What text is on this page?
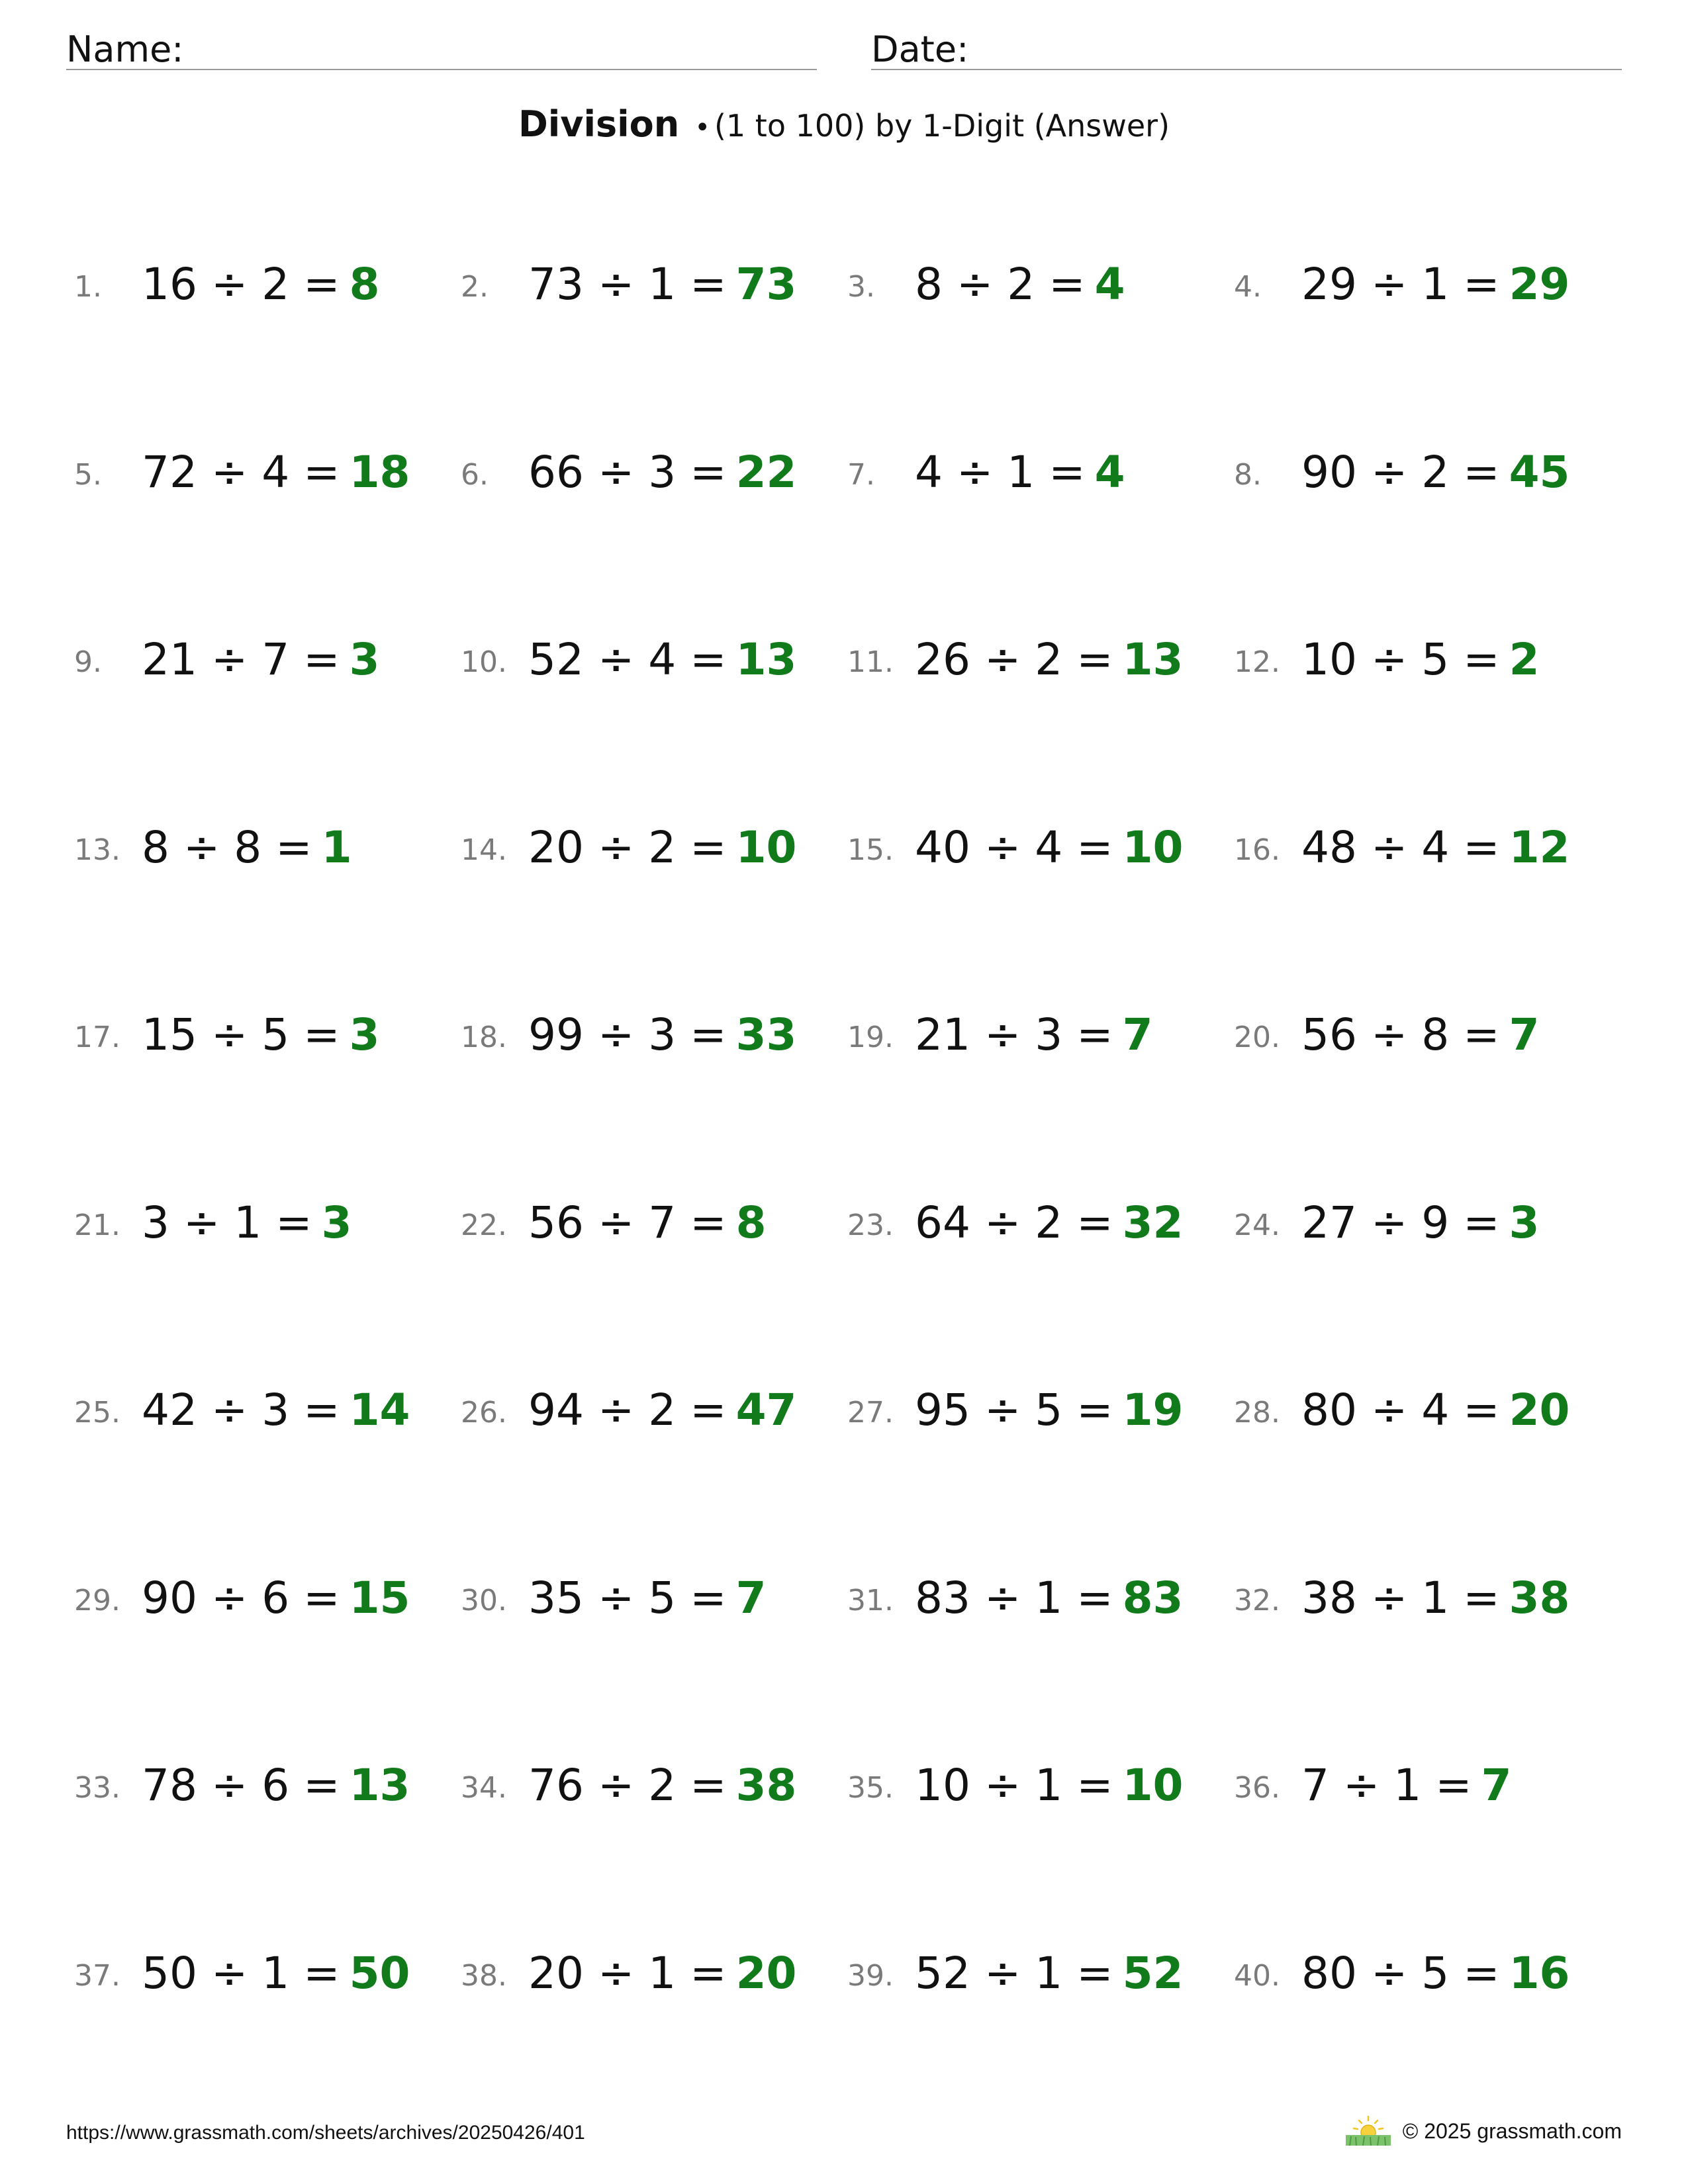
Name:	Date:
Division • (1 to 100) by 1-Digit (Answer)
1. 16 ÷ 2 = 8	2. 73 ÷ 1 = 73 3. 8 ÷ 2 = 4	4. 29 ÷ 1 = 29
5. 72 ÷ 4 = 18 6. 66 ÷ 3 = 22 7. 4 ÷ 1 = 4	8. 90 ÷ 2 = 45
9. 21 ÷ 7 = 3	10. 52 ÷ 4 = 13 11. 26 ÷ 2 = 13 12. 10 ÷ 5 = 2
13. 8 ÷ 8 = 1	14. 20 ÷ 2 = 10 15. 40 ÷ 4 = 10 16. 48 ÷ 4 = 12
17. 15 ÷ 5 = 3	18. 99 ÷ 3 = 33 19. 21 ÷ 3 = 7	20. 56 ÷ 8 = 7
21. 3 ÷ 1 = 3	22. 56 ÷ 7 = 8	23. 64 ÷ 2 = 32 24. 27 ÷ 9 = 3
25. 42 ÷ 3 = 14 26. 94 ÷ 2 = 47 27. 95 ÷ 5 = 19 28. 80 ÷ 4 = 20
29. 90 ÷ 6 = 15 30. 35 ÷ 5 = 7	31. 83 ÷ 1 = 83 32. 38 ÷ 1 = 38
33. 78 ÷ 6 = 13 34. 76 ÷ 2 = 38 35. 10 ÷ 1 = 10 36. 7 ÷ 1 = 7
37. 50 ÷ 1 = 50 38. 20 ÷ 1 = 20 39. 52 ÷ 1 = 52 40. 80 ÷ 5 = 16
https://www.grassmath.com/sheets/archives/20250426/401	© 2025 grassmath.com
